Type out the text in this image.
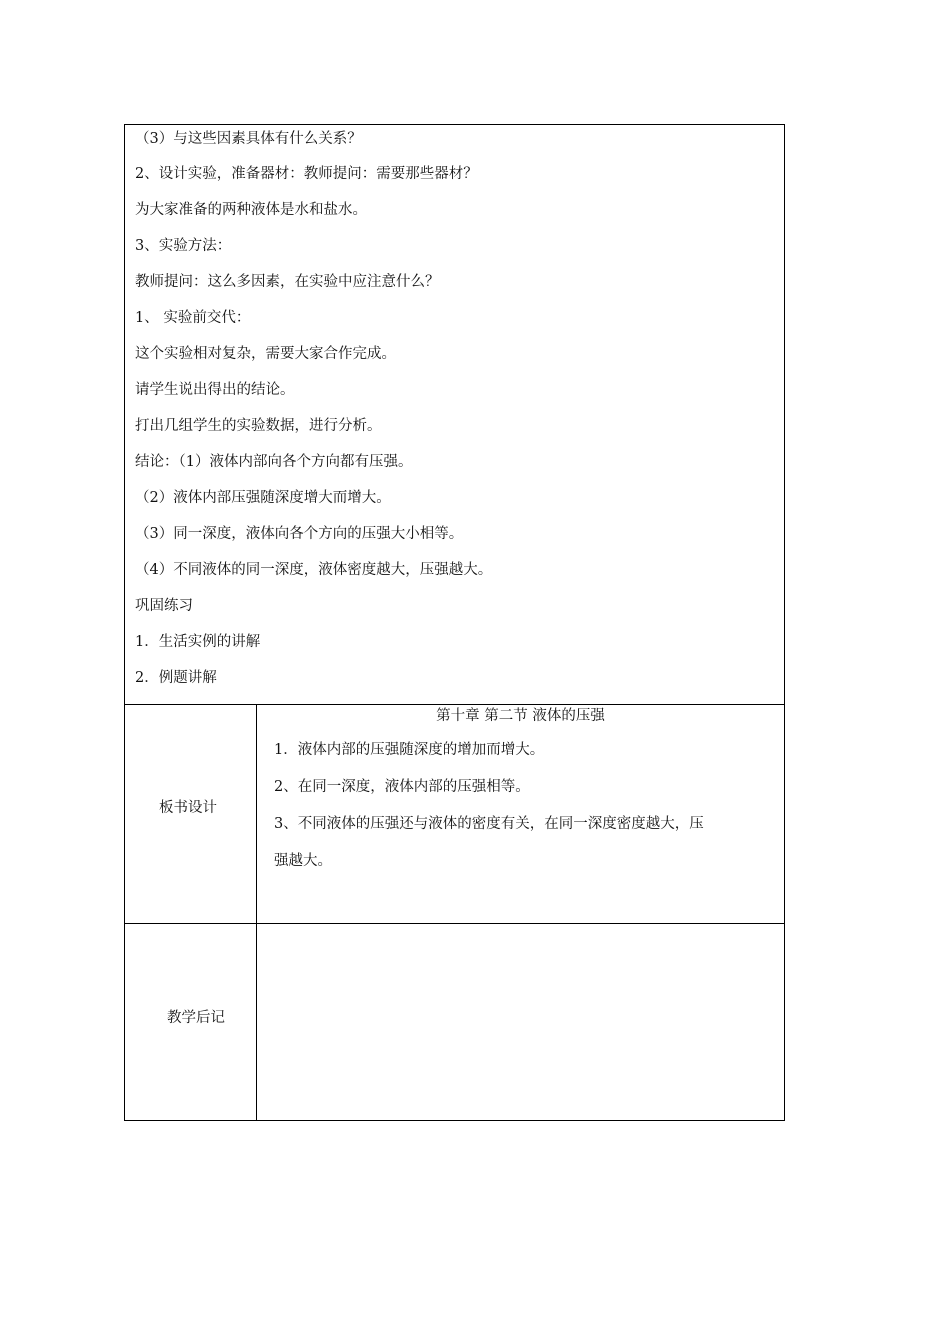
（3）与这些因素具体有什么关系？
2、设计实验，准备器材：教师提问：需要那些器材？
为大家准备的两种液体是水和盐水。
3、实验方法：
教师提问：这么多因素，在实验中应注意什么？
1、 实验前交代：
这个实验相对复杂，需要大家合作完成。
请学生说出得出的结论。
打出几组学生的实验数据，进行分析。
结论：（1）液体内部向各个方向都有压强。
（2）液体内部压强随深度增大而增大。
（3）同一深度，液体向各个方向的压强大小相等。
（4）不同液体的同一深度，液体密度越大，压强越大。
巩固练习
1．生活实例的讲解
2．例题讲解
板书设计
第十章 第二节 液体的压强
1．液体内部的压强随深度的增加而增大。
2、在同一深度，液体内部的压强相等。
3、不同液体的压强还与液体的密度有关，在同一深度密度越大，压
强越大。
教学后记
